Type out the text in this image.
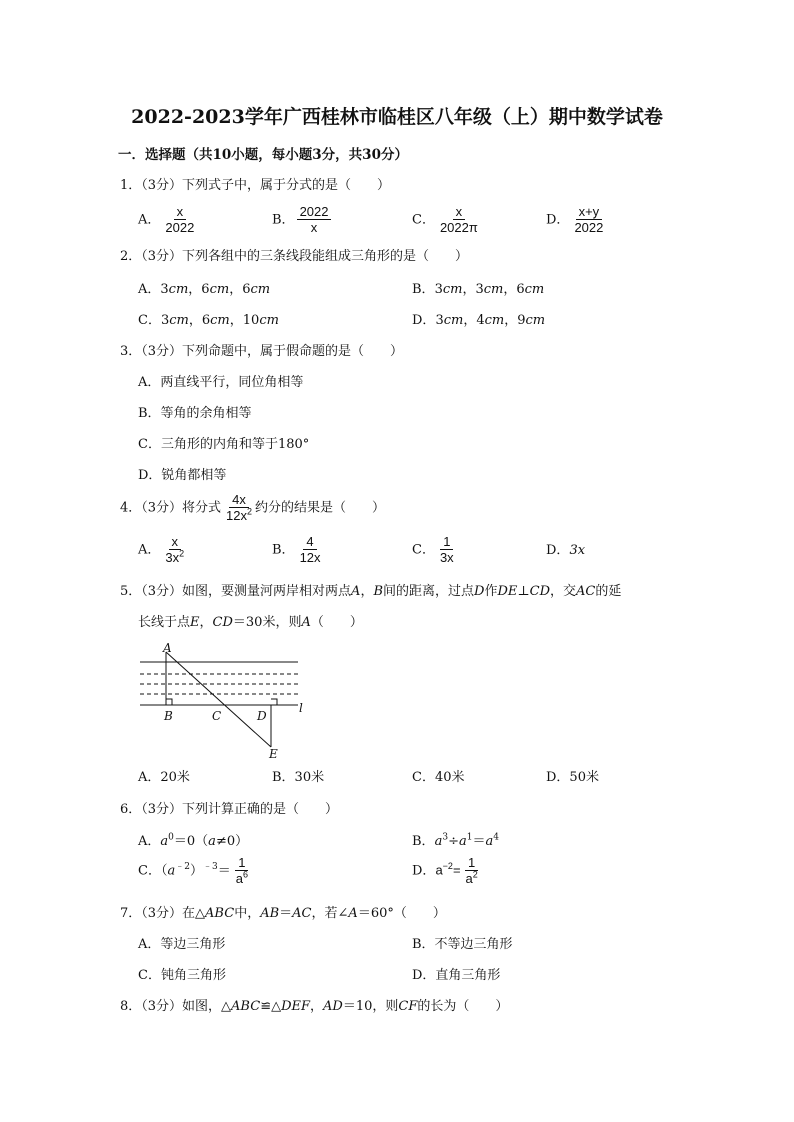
2022-2023学年广西桂林市临桂区八年级（上）期中数学试卷
一．选择题（共10小题，每小题3分，共30分）
1．（3分）下列式子中，属于分式的是（　　）
A． $\frac{x}{2022}$	B． $\frac{2022}{x}$	C． $\frac{x}{2022\pi}$	D． $\frac{x+y}{2022}$
2．（3分）下列各组中的三条线段能组成三角形的是（　　）
A．3cm，6cm，6cm	B．3cm，3cm，6cm
C．3cm，6cm，10cm	D．3cm，4cm，9cm
3．（3分）下列命题中，属于假命题的是（　　）
A．两直线平行，同位角相等
B．等角的余角相等
C．三角形的内角和等于180°
D．锐角都相等
4．（3分）将分式 $\frac{4x}{12x^2}$ 约分的结果是（　　）
A． $\frac{x}{3x^2}$	B． $\frac{4}{12x}$	C． $\frac{1}{3x}$	D．3x
5．（3分）如图，要测量河两岸相对两点A，B间的距离，过点D作DE⊥CD，交AC的延
长线于点E，CD＝30米，则A（　　）
A
B	C	D
E
l
A．20米	B．30米	C．40米	D．50米
6．（3分）下列计算正确的是（　　）
A．$a^0=0(a\ne 0)$	B．$a^3\div a^1=a^4$
C．$(a^{﹣2})^{﹣3}= \frac{1}{a^6}$	D．$a^{-2}= \frac{1}{a^2}$
7．（3分）在△ABC中，AB＝AC，若∠A＝60°（　　）
A．等边三角形	B．不等边三角形
C．钝角三角形	D．直角三角形
8．（3分）如图，△ABC≌△DEF，AD＝10，则CF的长为（　　）
